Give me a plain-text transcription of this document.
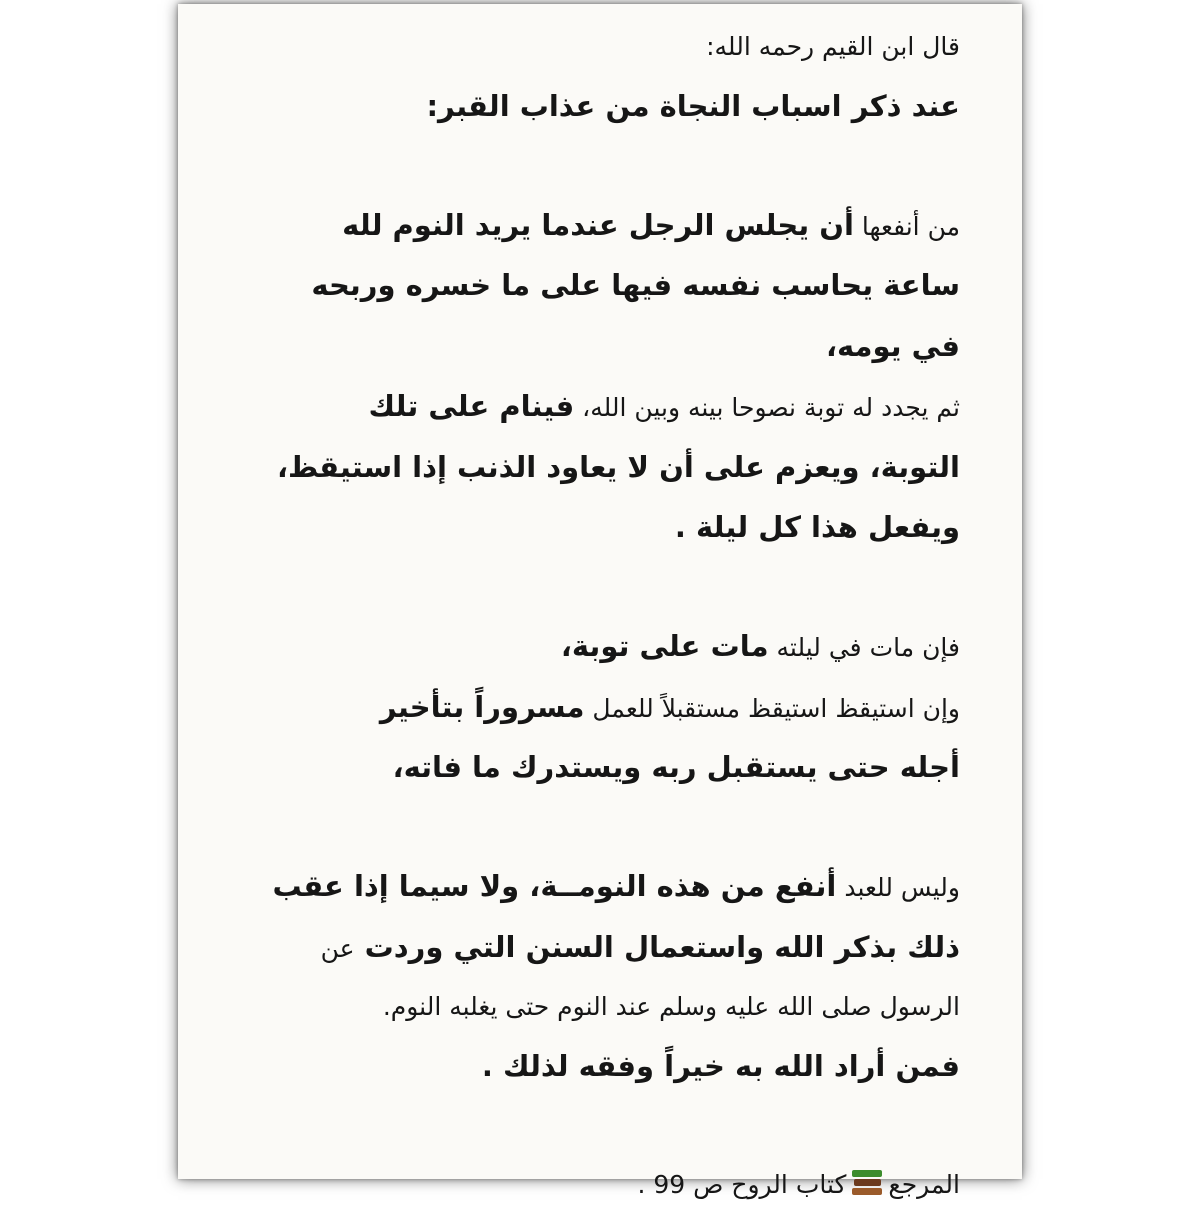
قال ابن القيم رحمه الله:
عند ذكر اسباب النجاة من عذاب القبر:
من أنفعها أن يجلس الرجل عندما يريد النوم لله
ساعة يحاسب نفسه فيها على ما خسره وربحه
في يومه،
ثم يجدد له توبة نصوحا بينه وبين الله، فينام على تلك
التوبة، ويعزم على أن لا يعاود الذنب إذا استيقظ،
ويفعل هذا كل ليلة .
فإن مات في ليلته مات على توبة،
وإن استيقظ استيقظ مستقبلاً للعمل مسروراً بتأخير
أجله حتى يستقبل ربه ويستدرك ما فاته،
وليس للعبد أنفع من هذه النومــة، ولا سيما إذا عقب
ذلك بذكر الله واستعمال السنن التي وردت عن
الرسول صلى الله عليه وسلم عند النوم حتى يغلبه النوم.
فمن أراد الله به خيراً وفقه لذلك .
المرجع
كتاب الروح ص 99 .
